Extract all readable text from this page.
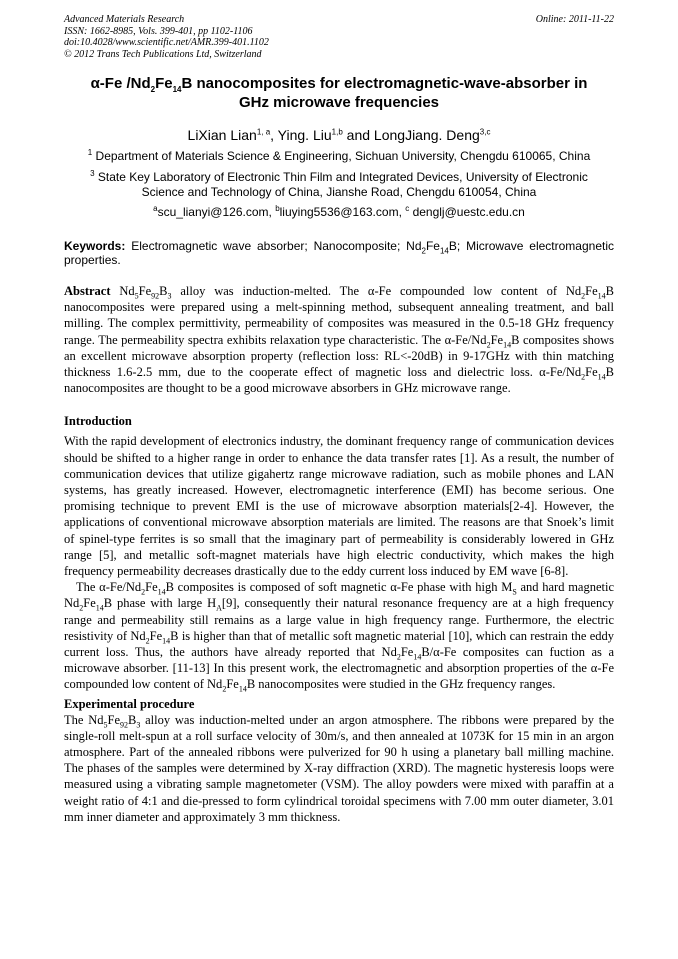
Advanced Materials Research
ISSN: 1662-8985, Vols. 399-401, pp 1102-1106
doi:10.4028/www.scientific.net/AMR.399-401.1102
© 2012 Trans Tech Publications Ltd, Switzerland
Online: 2011-11-22
α-Fe $/Nd_2Fe_{14}B$ nanocomposites for electromagnetic-wave-absorber in
GHz microwave frequencies
LiXian Lian$^{1, a}$, Ying. Liu$^{1,b}$ and LongJiang. Deng$^{3,c}$
$^1$ Department of Materials Science & Engineering, Sichuan University, Chengdu 610065, China
$^3$ State Key Laboratory of Electronic Thin Film and Integrated Devices, University of Electronic Science and Technology of China, Jianshe Road, Chengdu 610054, China
$^a$scu_lianyi@126.com, $^b$liuying5536@163.com, $^c$ denglj@uestc.edu.cn
Keywords: Electromagnetic wave absorber; Nanocomposite; $Nd_2Fe_{14}B$; Microwave electromagnetic properties.
Abstract $Nd_5Fe_{92}B_3$ alloy was induction-melted. The α-Fe compounded low content of $Nd_2Fe_{14}B$ nanocomposites were prepared using a melt-spinning method, subsequent annealing treatment, and ball milling. The complex permittivity, permeability of composites was measured in the 0.5-18 GHz frequency range. The permeability spectra exhibits relaxation type characteristic. The $\alpha-Fe/Nd_2Fe_{14}B$ composites shows an excellent microwave absorption property (reflection loss: RL<-20dB) in 9-17GHz with thin matching thickness 1.6-2.5 mm, due to the cooperate effect of magnetic loss and dielectric loss. $\alpha-Fe/Nd_2Fe_{14}B$ nanocomposites are thought to be a good microwave absorbers in GHz microwave range.
Introduction
With the rapid development of electronics industry, the dominant frequency range of communication devices should be shifted to a higher range in order to enhance the data transfer rates [1]. As a result, the number of communication devices that utilize gigahertz range microwave radiation, such as mobile phones and LAN systems, has greatly increased. However, electromagnetic interference (EMI) has become serious. One promising technique to prevent EMI is the use of microwave absorption materials[2-4]. However, the applications of conventional microwave absorption materials are limited. The reasons are that Snoek’s limit of spinel-type ferrites is so small that the imaginary part of permeability is considerably lowered in GHz range [5], and metallic soft-magnet materials have high electric conductivity, which makes the high frequency permeability decreases drastically due to the eddy current loss induced by EM wave [6-8].
The $\alpha-Fe/Nd_2Fe_{14}B$ composites is composed of soft magnetic α-Fe phase with high $M_S$ and hard magnetic $Nd_2Fe_{14}B$ phase with large $H_A[9]$, consequently their natural resonance frequency are at a high frequency range and permeability still remains as a large value in high frequency range. Furthermore, the electric resistivity of $Nd_2Fe_{14}B$ is higher than that of metallic soft magnetic material [10], which can restrain the eddy current loss. Thus, the authors have already reported that $Nd_2Fe_{14}B/\alpha-Fe$ composites can fuction as a microwave absorber. [11-13] In this present work, the electromagnetic and absorption properties of the α-Fe compounded low content of $Nd_2Fe_{14}B$ nanocomposites were studied in the GHz frequency ranges.
Experimental procedure
The $Nd_5Fe_{92}B_3$ alloy was induction-melted under an argon atmosphere. The ribbons were prepared by the single-roll melt-spun at a roll surface velocity of 30m/s, and then annealed at 1073K for 15 min in an argon atmosphere. Part of the annealed ribbons were pulverized for 90 h using a planetary ball milling machine. The phases of the samples were determined by X-ray diffraction (XRD). The magnetic hysteresis loops were measured using a vibrating sample magnetometer (VSM). The alloy powders were mixed with paraffin at a weight ratio of 4:1 and die-pressed to form cylindrical toroidal specimens with 7.00 mm outer diameter, 3.01 mm inner diameter and approximately 3 mm thickness.
